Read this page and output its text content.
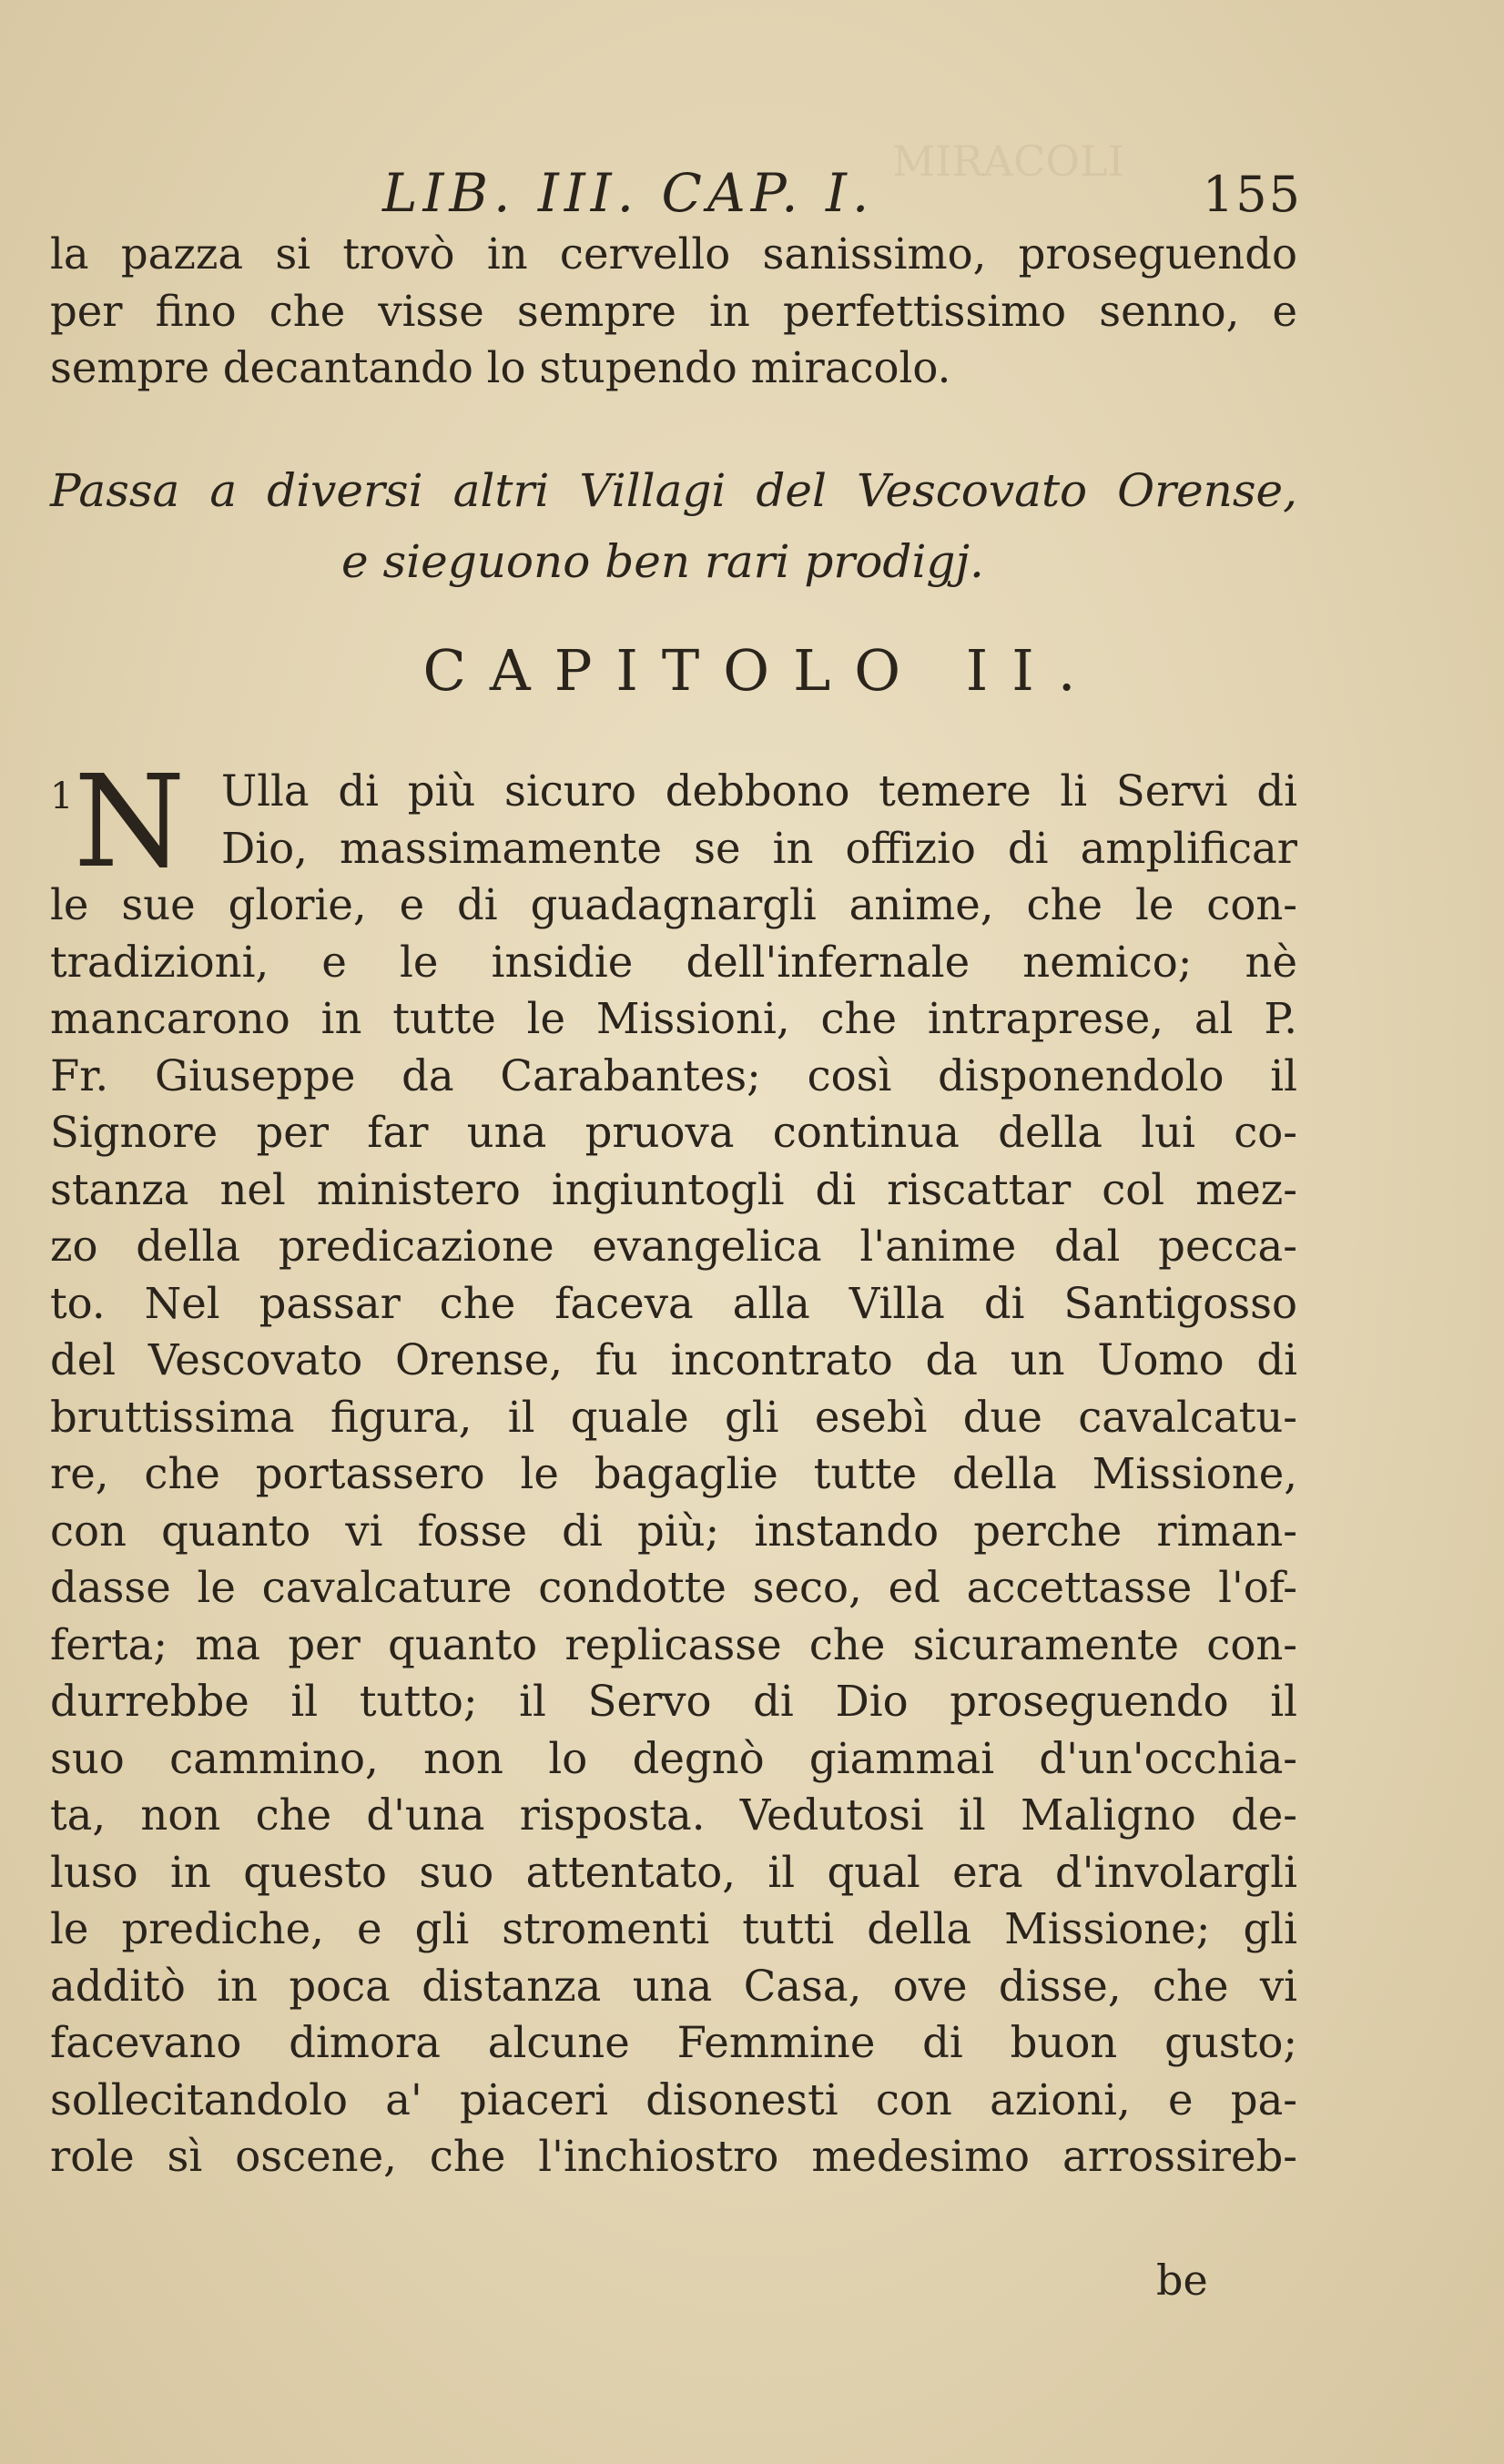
MIRACOLI
LIB. III. CAP. I.	155
la pazza si trovò in cervello sanissimo, proseguendo
per fino che visse sempre in perfettissimo senno, e
sempre decantando lo stupendo miracolo.
Passa a diversi altri Villagi del Vescovato Orense,
e sieguono ben rari prodigj.
CAPITOLO II.
1 N Ulla di più sicuro debbono temere li Servi di
Dio, massimamente se in offizio di amplificar
le sue glorie, e di guadagnargli anime, che le con-
tradizioni, e le insidie dell'infernale nemico; nè
mancarono in tutte le Missioni, che intraprese, al P.
Fr. Giuseppe da Carabantes; così disponendolo il
Signore per far una pruova continua della lui co-
stanza nel ministero ingiuntogli di riscattar col mez-
zo della predicazione evangelica l'anime dal pecca-
to. Nel passar che faceva alla Villa di Santigosso
del Vescovato Orense, fu incontrato da un Uomo di
bruttissima figura, il quale gli esebì due cavalcatu-
re, che portassero le bagaglie tutte della Missione,
con quanto vi fosse di più; instando perche riman-
dasse le cavalcature condotte seco, ed accettasse l'of-
ferta; ma per quanto replicasse che sicuramente con-
durrebbe il tutto; il Servo di Dio proseguendo il
suo cammino, non lo degnò giammai d'un'occhia-
ta, non che d'una risposta. Vedutosi il Maligno de-
luso in questo suo attentato, il qual era d'involargli
le prediche, e gli stromenti tutti della Missione; gli
additò in poca distanza una Casa, ove disse, che vi
facevano dimora alcune Femmine di buon gusto;
sollecitandolo a' piaceri disonesti con azioni, e pa-
role sì oscene, che l'inchiostro medesimo arrossireb-
be
